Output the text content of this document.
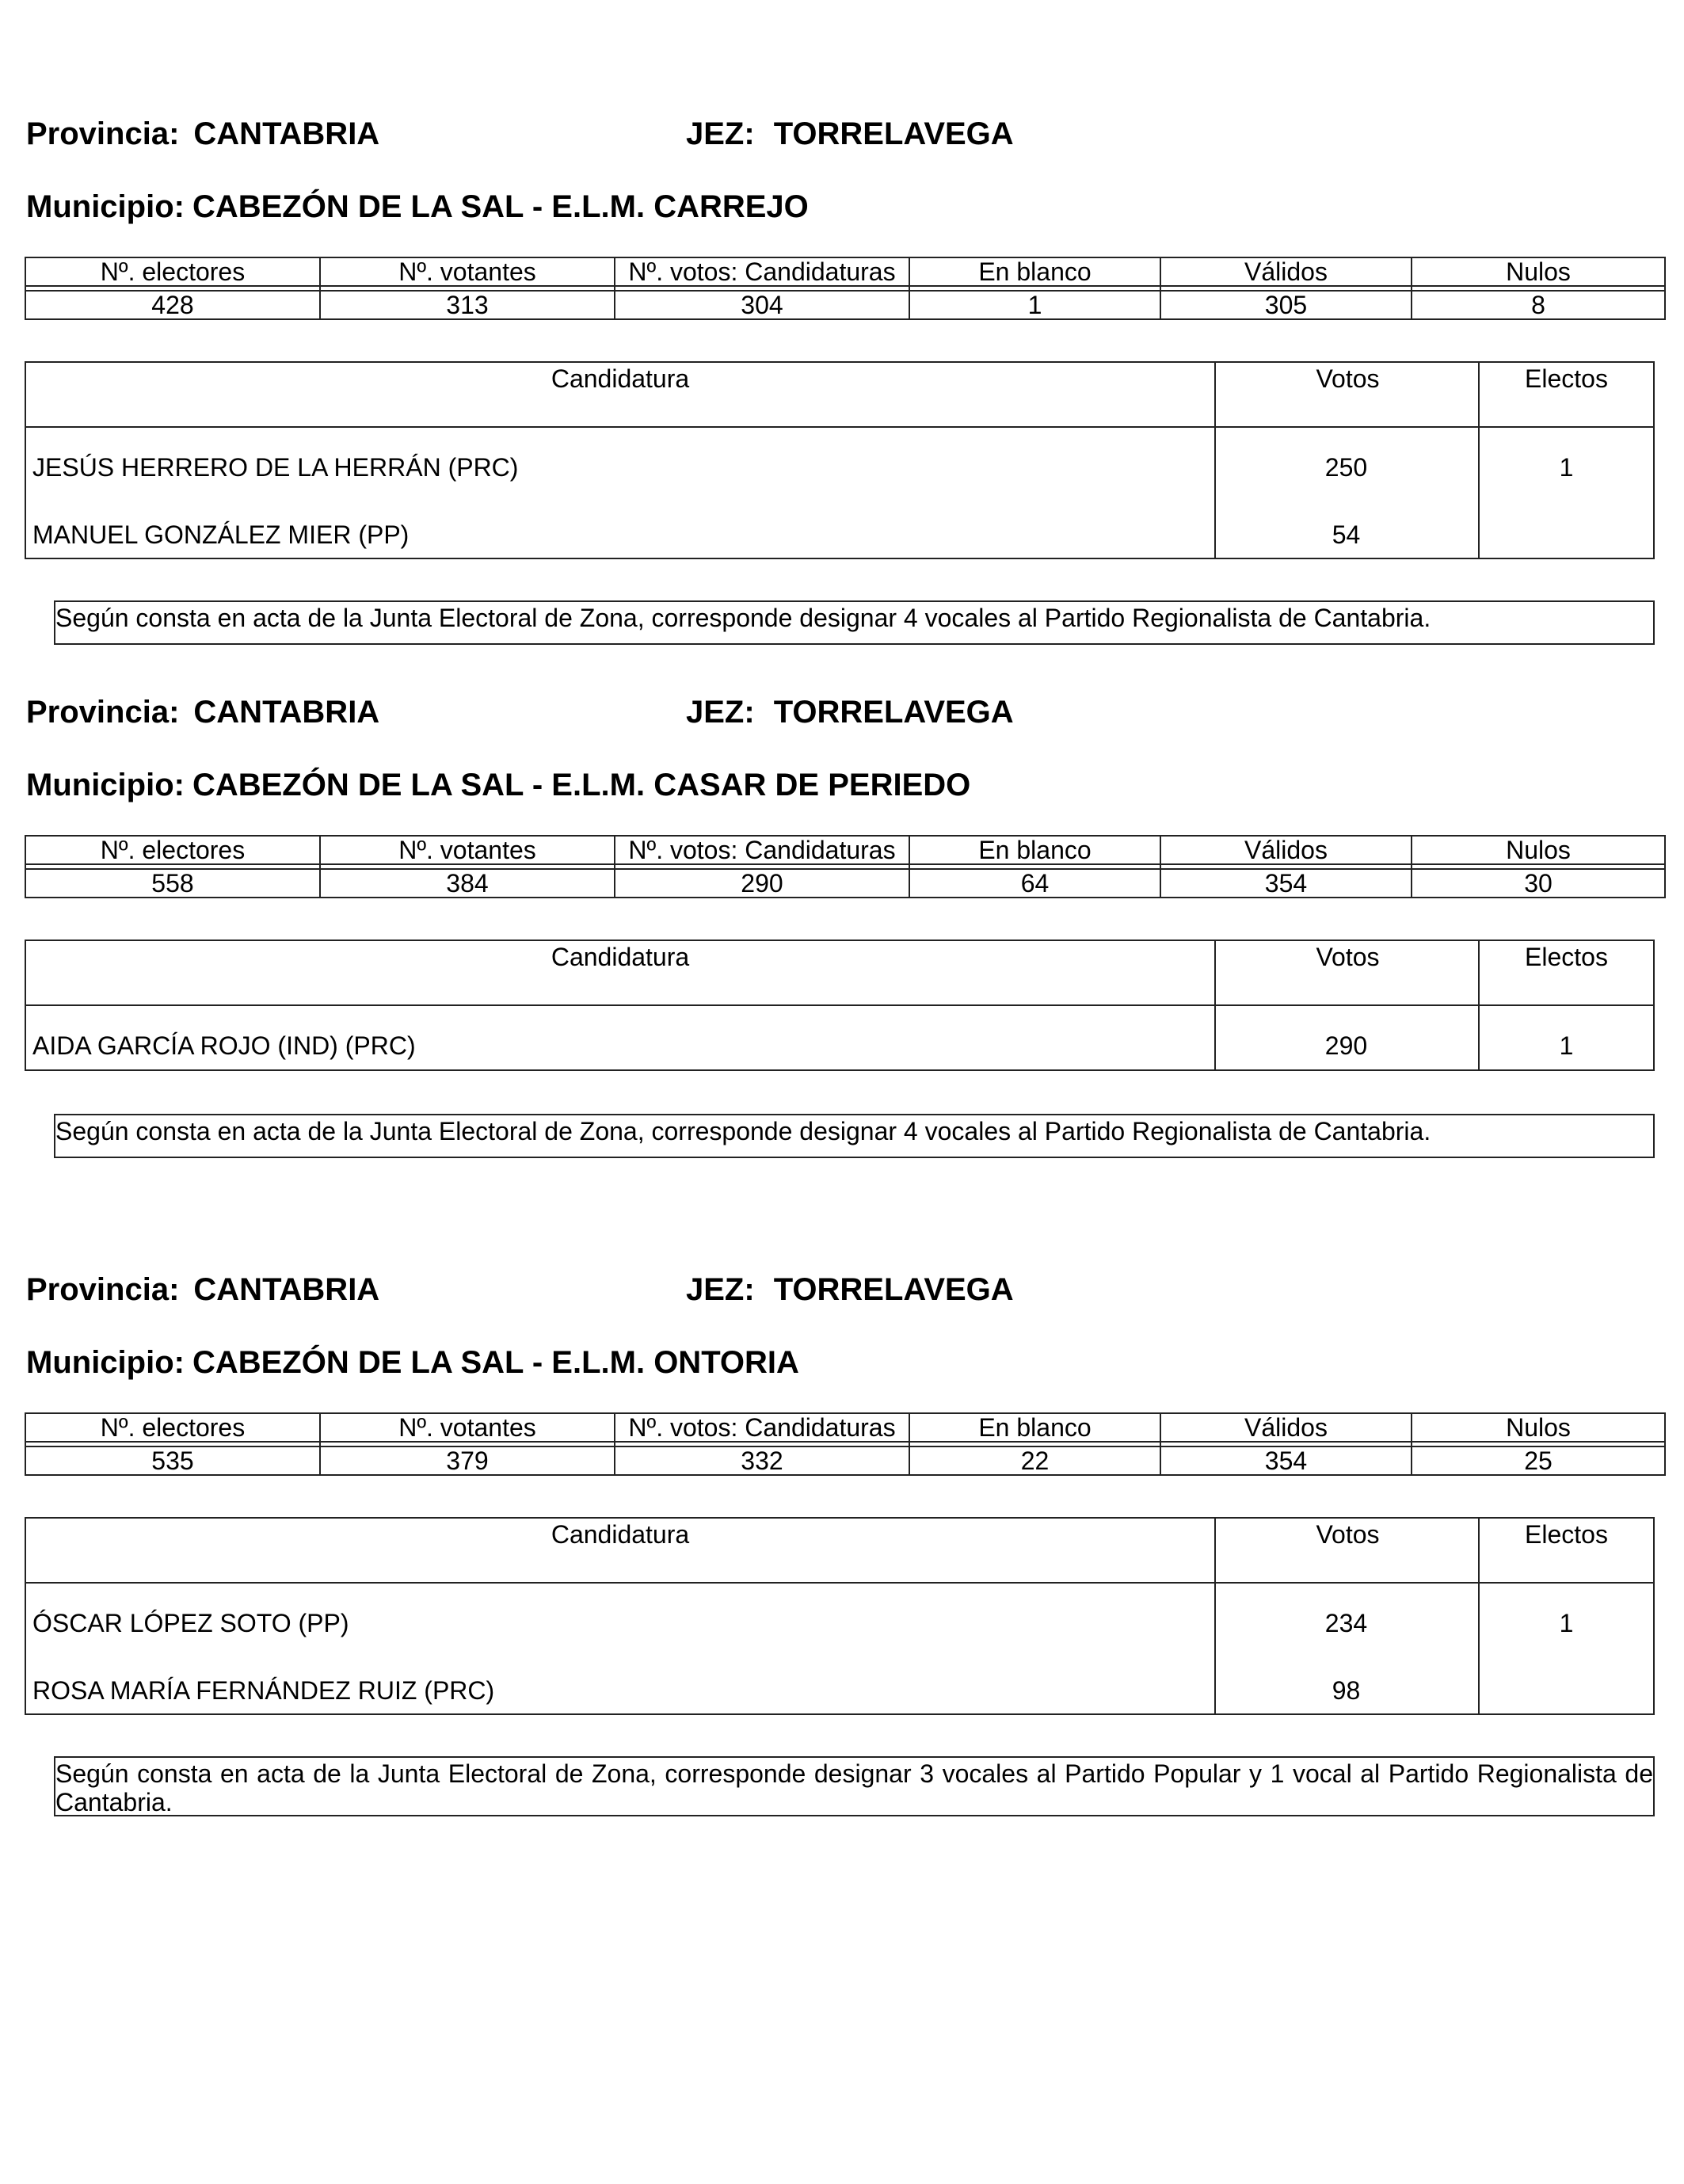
Provincia: CANTABRIA	JEZ: TORRELAVEGA
Municipio: CABEZÓN DE LA SAL - E.L.M. CARREJO
Nº. electores	Nº. votantes	Nº. votos: Candidaturas	En blanco	Válidos	Nulos

428	313	304	1	305	8
Candidatura	Votos	Electos
JESÚS HERRERO DE LA HERRÁN (PRC)	250	1
MANUEL GONZÁLEZ MIER (PP)	54
Según consta en acta de la Junta Electoral de Zona, corresponde designar 4 vocales al Partido Regionalista de Cantabria.
Provincia: CANTABRIA	JEZ: TORRELAVEGA
Municipio: CABEZÓN DE LA SAL - E.L.M. CASAR DE PERIEDO
Nº. electores	Nº. votantes	Nº. votos: Candidaturas	En blanco	Válidos	Nulos

558	384	290	64	354	30
Candidatura	Votos	Electos
AIDA GARCÍA ROJO (IND) (PRC)	290	1
Según consta en acta de la Junta Electoral de Zona, corresponde designar 4 vocales al Partido Regionalista de Cantabria.
Provincia: CANTABRIA	JEZ: TORRELAVEGA
Municipio: CABEZÓN DE LA SAL - E.L.M. ONTORIA
Nº. electores	Nº. votantes	Nº. votos: Candidaturas	En blanco	Válidos	Nulos

535	379	332	22	354	25
Candidatura	Votos	Electos
ÓSCAR LÓPEZ SOTO (PP)	234	1
ROSA MARÍA FERNÁNDEZ RUIZ (PRC)	98
Según consta en acta de la Junta Electoral de Zona, corresponde designar 3 vocales al Partido Popular y 1 vocal al Partido Regionalista de Cantabria.
